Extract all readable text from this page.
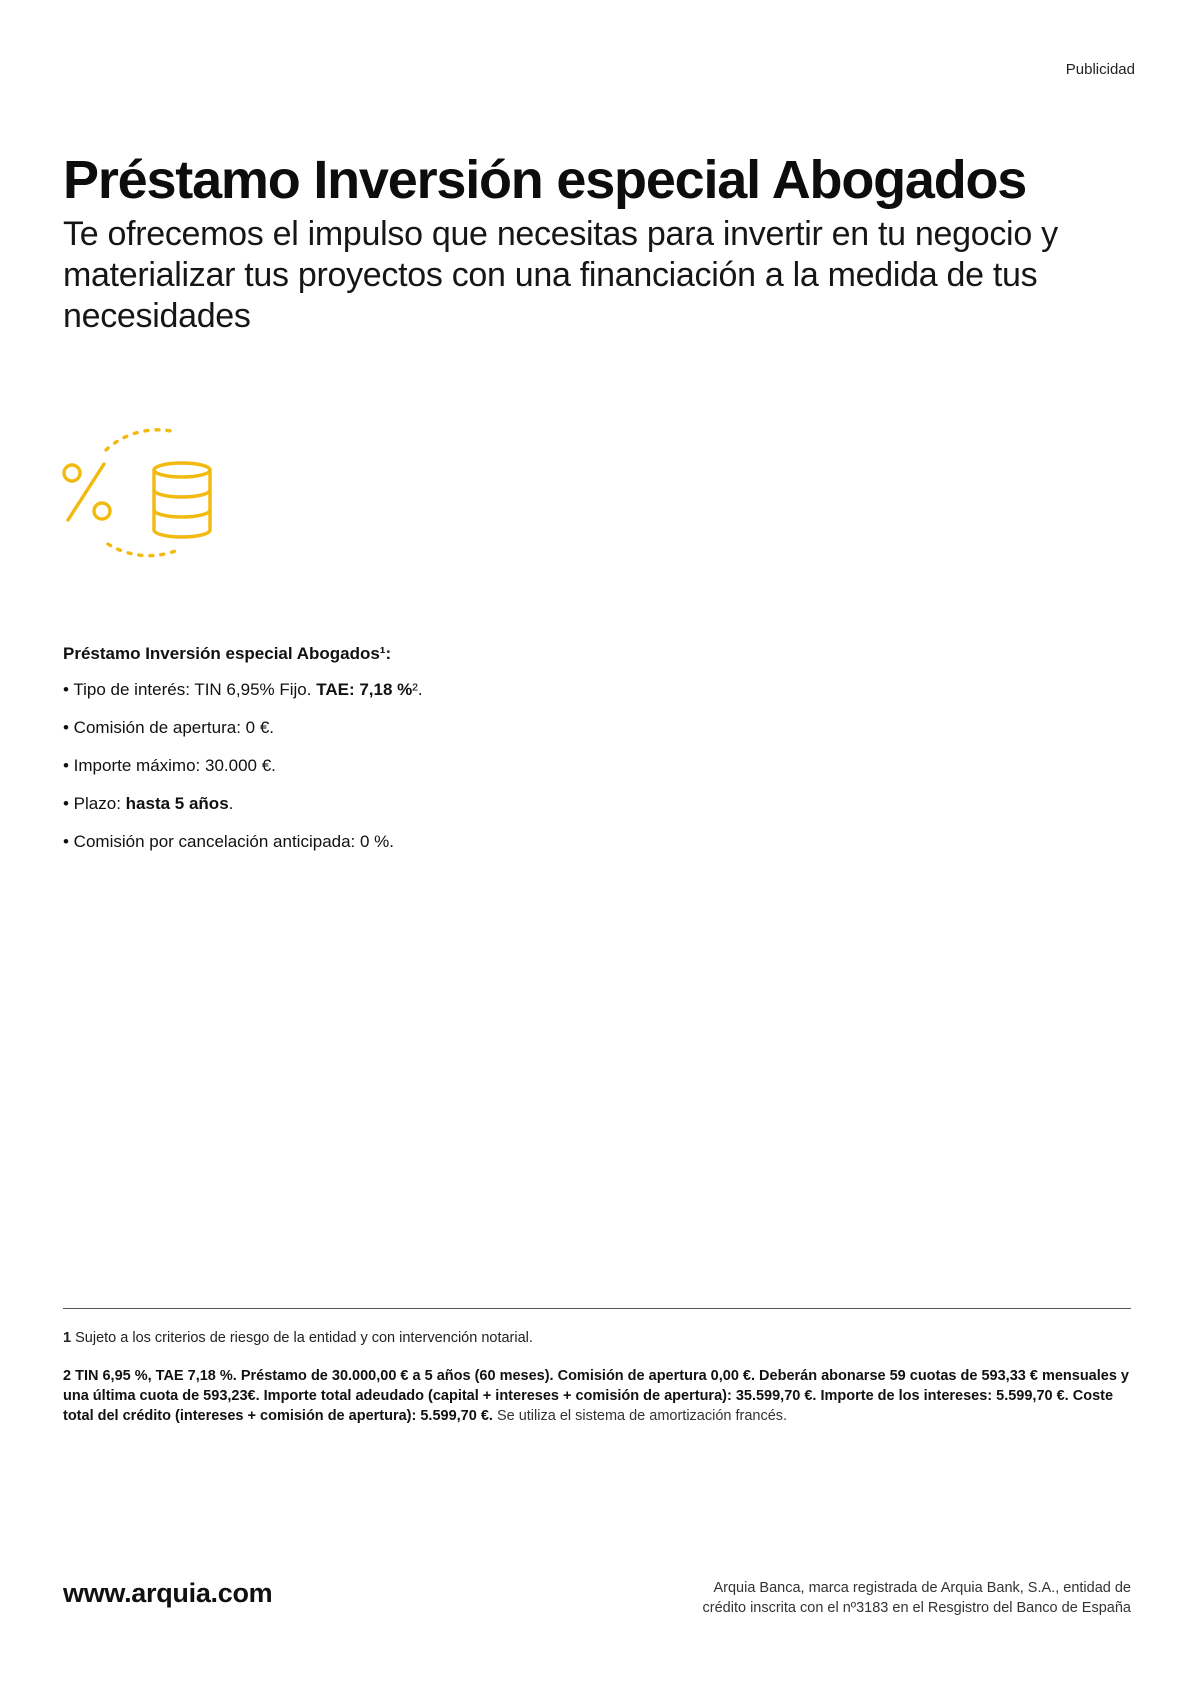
Publicidad
Préstamo Inversión especial Abogados

Te ofrecemos el impulso que necesitas para invertir en tu negocio y materializar tus proyectos con una financiación a la medida de tus necesidades

Préstamo Inversión especial Abogados¹:

• Tipo de interés: TIN 6,95% Fijo. TAE: 7,18 %².
• Comisión de apertura: 0 €.
• Importe máximo: 30.000 €.
• Plazo: hasta 5 años.
• Comisión por cancelación anticipada: 0 %.
1 Sujeto a los criterios de riesgo de la entidad y con intervención notarial.
2 TIN 6,95 %, TAE 7,18 %. Préstamo de 30.000,00 € a 5 años (60 meses). Comisión de apertura 0,00 €. Deberán abonarse 59 cuotas de 593,33 € mensuales y una última cuota de 593,23€. Importe total adeudado (capital + intereses + comisión de apertura): 35.599,70 €. Importe de los intereses: 5.599,70 €. Coste total del crédito (intereses + comisión de apertura): 5.599,70 €. Se utiliza el sistema de amortización francés.
www.arquia.com	Arquia Banca, marca registrada de Arquia Bank, S.A., entidad de
crédito inscrita con el nº3183 en el Resgistro del Banco de España
